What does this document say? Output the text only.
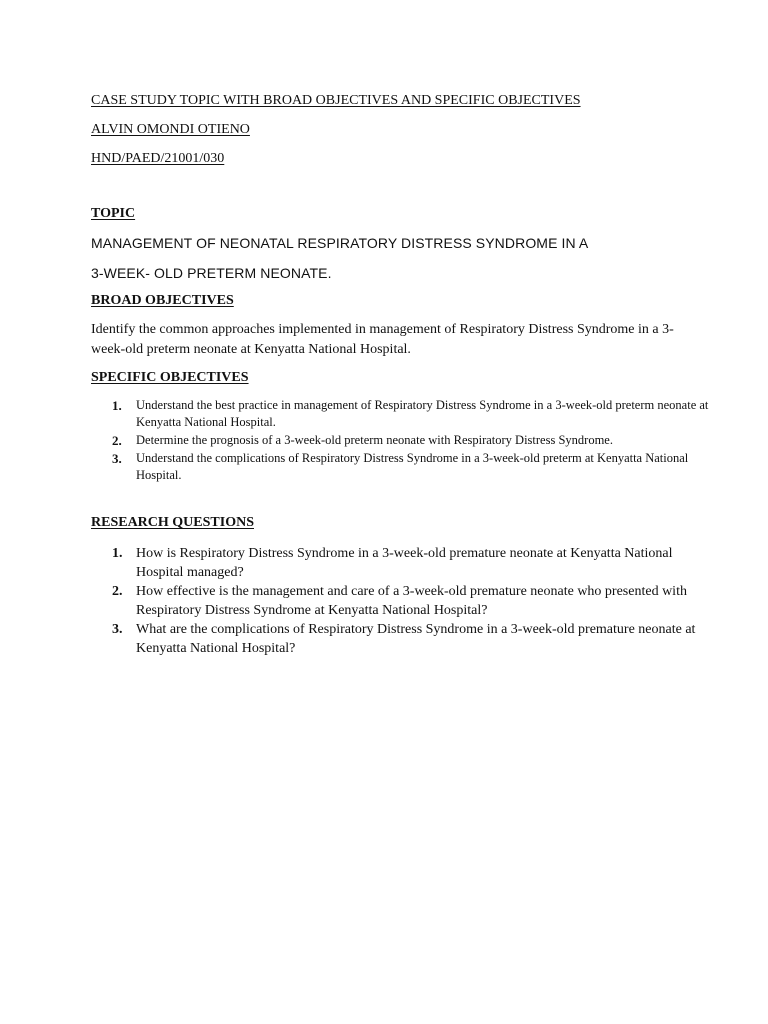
CASE STUDY TOPIC WITH BROAD OBJECTIVES AND SPECIFIC OBJECTIVES
ALVIN OMONDI OTIENO
HND/PAED/21001/030
TOPIC
MANAGEMENT OF NEONATAL RESPIRATORY DISTRESS SYNDROME IN A
3-WEEK- OLD PRETERM NEONATE.
BROAD OBJECTIVES
Identify the common approaches implemented in management of Respiratory Distress Syndrome in a 3-week-old preterm neonate at Kenyatta National Hospital.
SPECIFIC OBJECTIVES
1. Understand the best practice in management of Respiratory Distress Syndrome in a 3-week-old preterm neonate at Kenyatta National Hospital.
2. Determine the prognosis of a 3-week-old preterm neonate with Respiratory Distress Syndrome.
3. Understand the complications of Respiratory Distress Syndrome in a 3-week-old preterm at Kenyatta National Hospital.
RESEARCH QUESTIONS
1. How is Respiratory Distress Syndrome in a 3-week-old premature neonate at Kenyatta National Hospital managed?
2. How effective is the management and care of a 3-week-old premature neonate who presented with Respiratory Distress Syndrome at Kenyatta National Hospital?
3. What are the complications of Respiratory Distress Syndrome in a 3-week-old premature neonate at Kenyatta National Hospital?
